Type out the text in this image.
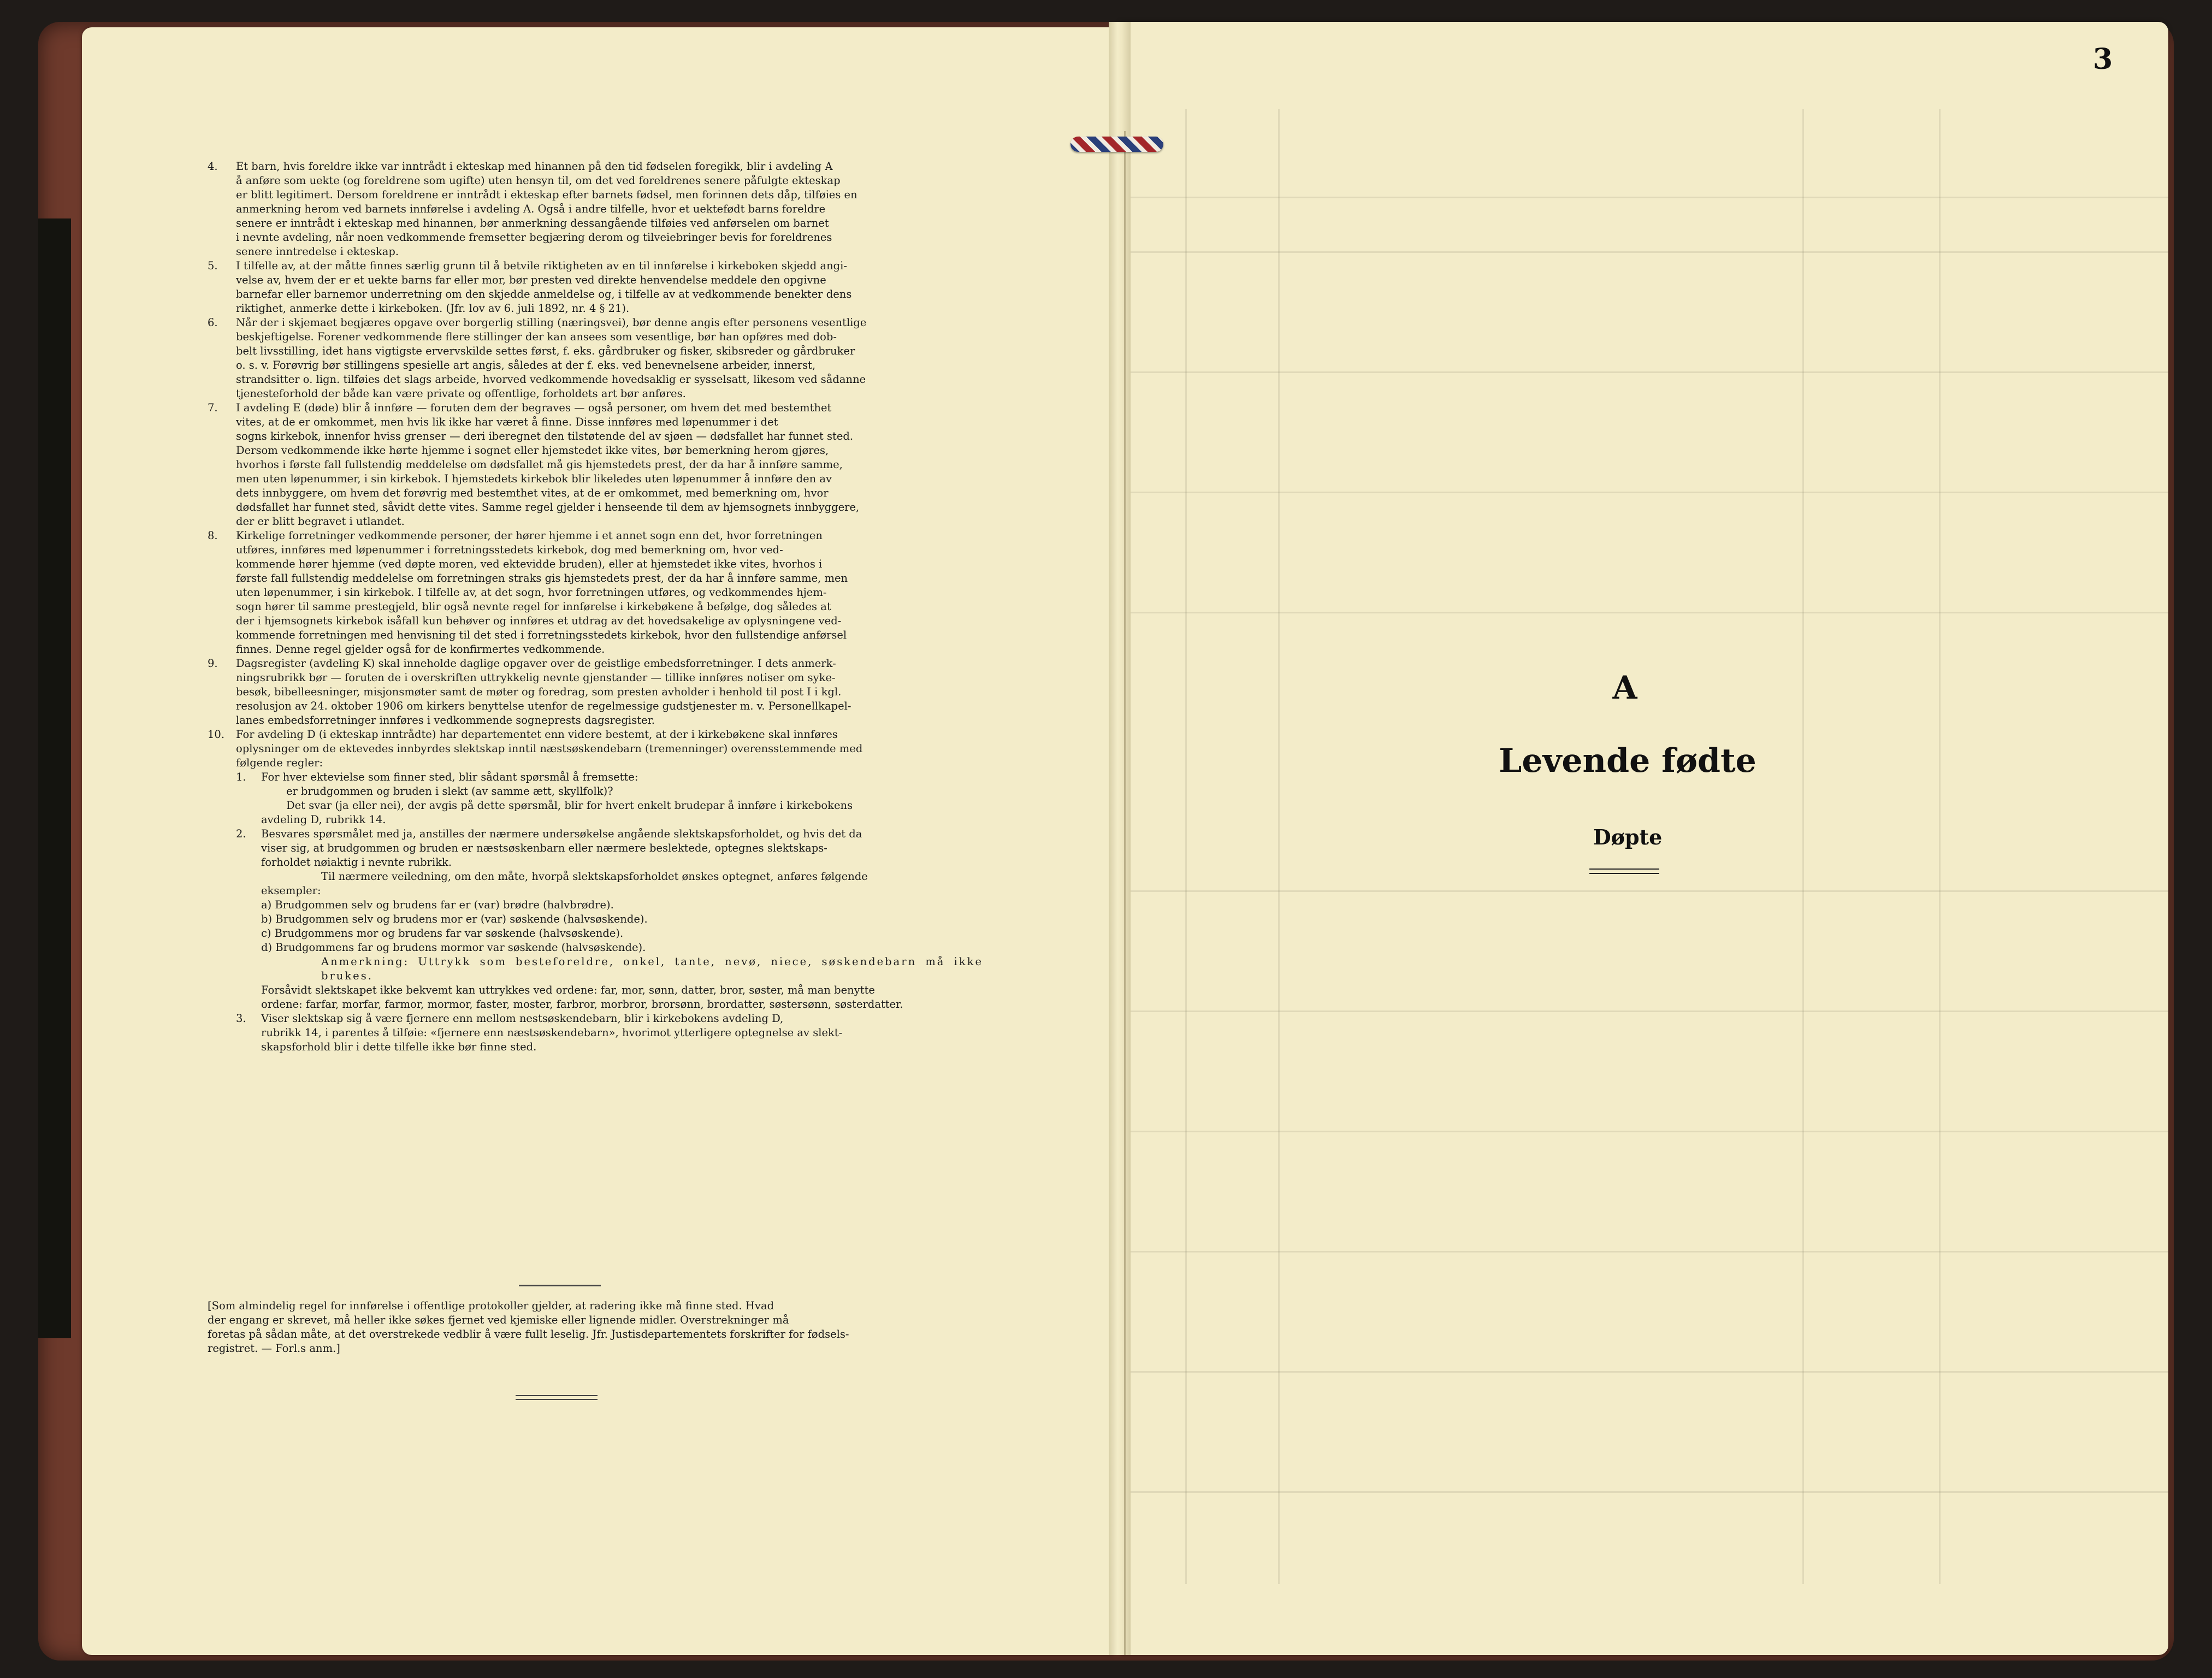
4. Et barn, hvis foreldre ikke var inntrådt i ekteskap med hinannen på den tid fødselen foregikk, blir i avdeling A
å anføre som uekte (og foreldrene som ugifte) uten hensyn til, om det ved foreldrenes senere påfulgte ekteskap
er blitt legitimert. Dersom foreldrene er inntrådt i ekteskap efter barnets fødsel, men forinnen dets dåp, tilføies en
anmerkning herom ved barnets innførelse i avdeling A. Også i andre tilfelle, hvor et uektefødt barns foreldre
senere er inntrådt i ekteskap med hinannen, bør anmerkning dessangående tilføies ved anførselen om barnet
i nevnte avdeling, når noen vedkommende fremsetter begjæring derom og tilveiebringer bevis for foreldrenes
senere inntredelse i ekteskap.
5. I tilfelle av, at der måtte finnes særlig grunn til å betvile riktigheten av en til innførelse i kirkeboken skjedd angi-
velse av, hvem der er et uekte barns far eller mor, bør presten ved direkte henvendelse meddele den opgivne
barnefar eller barnemor underretning om den skjedde anmeldelse og, i tilfelle av at vedkommende benekter dens
riktighet, anmerke dette i kirkeboken. (Jfr. lov av 6. juli 1892, nr. 4 § 21).
6. Når der i skjemaet begjæres opgave over borgerlig stilling (næringsvei), bør denne angis efter personens vesentlige
beskjeftigelse. Forener vedkommende flere stillinger der kan ansees som vesentlige, bør han opføres med dob-
belt livsstilling, idet hans vigtigste ervervskilde settes først, f. eks. gårdbruker og fisker, skibsreder og gårdbruker
o. s. v. Forøvrig bør stillingens spesielle art angis, således at der f. eks. ved benevnelsene arbeider, innerst,
strandsitter o. lign. tilføies det slags arbeide, hvorved vedkommende hovedsaklig er sysselsatt, likesom ved sådanne
tjenesteforhold der både kan være private og offentlige, forholdets art bør anføres.
7. I avdeling E (døde) blir å innføre — foruten dem der begraves — også personer, om hvem det med bestemthet
vites, at de er omkommet, men hvis lik ikke har været å finne. Disse innføres med løpenummer i det
sogns kirkebok, innenfor hviss grenser — deri iberegnet den tilstøtende del av sjøen — dødsfallet har funnet sted.
Dersom vedkommende ikke hørte hjemme i sognet eller hjemstedet ikke vites, bør bemerkning herom gjøres,
hvorhos i første fall fullstendig meddelelse om dødsfallet må gis hjemstedets prest, der da har å innføre samme,
men uten løpenummer, i sin kirkebok. I hjemstedets kirkebok blir likeledes uten løpenummer å innføre den av
dets innbyggere, om hvem det forøvrig med bestemthet vites, at de er omkommet, med bemerkning om, hvor
dødsfallet har funnet sted, såvidt dette vites. Samme regel gjelder i henseende til dem av hjemsognets innbyggere,
der er blitt begravet i utlandet.
8. Kirkelige forretninger vedkommende personer, der hører hjemme i et annet sogn enn det, hvor forretningen
utføres, innføres med løpenummer i forretningsstedets kirkebok, dog med bemerkning om, hvor ved-
kommende hører hjemme (ved døpte moren, ved ektevidde bruden), eller at hjemstedet ikke vites, hvorhos i
første fall fullstendig meddelelse om forretningen straks gis hjemstedets prest, der da har å innføre samme, men
uten løpenummer, i sin kirkebok. I tilfelle av, at det sogn, hvor forretningen utføres, og vedkommendes hjem-
sogn hører til samme prestegjeld, blir også nevnte regel for innførelse i kirkebøkene å befølge, dog således at
der i hjemsognets kirkebok isåfall kun behøver og innføres et utdrag av det hovedsakelige av oplysningene ved-
kommende forretningen med henvisning til det sted i forretningsstedets kirkebok, hvor den fullstendige anførsel
finnes. Denne regel gjelder også for de konfirmertes vedkommende.
9. Dagsregister (avdeling K) skal inneholde daglige opgaver over de geistlige embedsforretninger. I dets anmerk-
ningsrubrikk bør — foruten de i overskriften uttrykkelig nevnte gjenstander — tillike innføres notiser om syke-
besøk, bibelleesninger, misjonsmøter samt de møter og foredrag, som presten avholder i henhold til post I i kgl.
resolusjon av 24. oktober 1906 om kirkers benyttelse utenfor de regelmessige gudstjenester m. v. Personellkapel-
lanes embedsforretninger innføres i vedkommende sogneprests dagsregister.
10. For avdeling D (i ekteskap inntrådte) har departementet enn videre bestemt, at der i kirkebøkene skal innføres
oplysninger om de ektevedes innbyrdes slektskap inntil næstsøskendebarn (tremenninger) overensstemmende med
følgende regler:
1. For hver ektevielse som finner sted, blir sådant spørsmål å fremsette:
er brudgommen og bruden i slekt (av samme ætt, skyllfolk)?
Det svar (ja eller nei), der avgis på dette spørsmål, blir for hvert enkelt brudepar å innføre i kirkebokens
avdeling D, rubrikk 14.
2. Besvares spørsmålet med ja, anstilles der nærmere undersøkelse angående slektskapsforholdet, og hvis det da
viser sig, at brudgommen og bruden er næstsøskenbarn eller nærmere beslektede, optegnes slektskaps-
forholdet nøiaktig i nevnte rubrikk.
Til nærmere veiledning, om den måte, hvorpå slektskapsforholdet ønskes optegnet, anføres følgende
eksempler:
a) Brudgommen selv og brudens far er (var) brødre (halvbrødre).
b) Brudgommen selv og brudens mor er (var) søskende (halvsøskende).
c) Brudgommens mor og brudens far var søskende (halvsøskende).
d) Brudgommens far og brudens mormor var søskende (halvsøskende).
Anmerkning: Uttrykk som besteforeldre, onkel, tante, nevø, niece, søskendebarn må ikke brukes.
Forsåvidt slektskapet ikke bekvemt kan uttrykkes ved ordene: far, mor, sønn, datter, bror, søster, må man benytte
ordene: farfar, morfar, farmor, mormor, faster, moster, farbror, morbror, brorsønn, brordatter, søstersønn, søsterdatter.
3. Viser slektskap sig å være fjernere enn mellom nestsøskendebarn, blir i kirkebokens avdeling D,
rubrikk 14, i parentes å tilføie: «fjernere enn næstsøskendebarn», hvorimot ytterligere optegnelse av slekt-
skapsforhold blir i dette tilfelle ikke bør finne sted.
[Som almindelig regel for innførelse i offentlige protokoller gjelder, at radering ikke må finne sted. Hvad
der engang er skrevet, må heller ikke søkes fjernet ved kjemiske eller lignende midler. Overstrekninger må
foretas på sådan måte, at det overstrekede vedblir å være fullt leselig. Jfr. Justisdepartementets forskrifter for fødsels-
registret. — Forl.s anm.]
3
A
Levende fødte
Døpte
